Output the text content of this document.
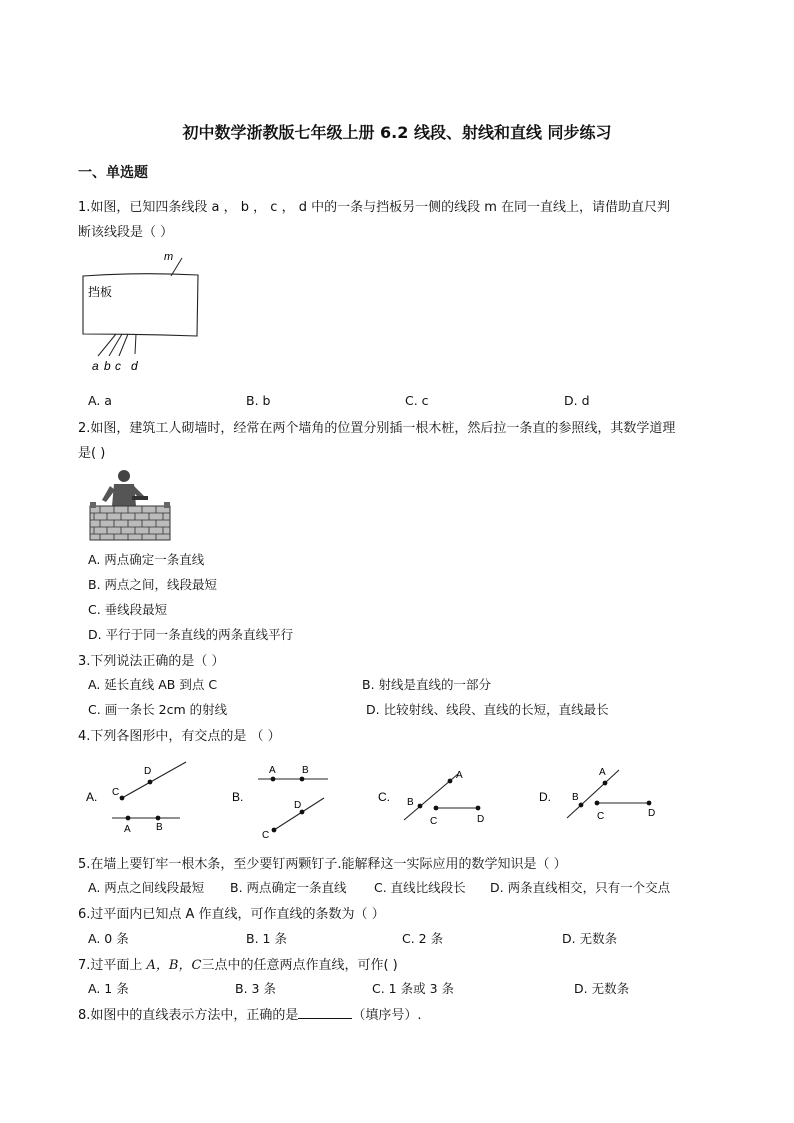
初中数学浙教版七年级上册 6.2 线段、射线和直线 同步练习
一、单选题
1.如图，已知四条线段 a ， b ， c ， d 中的一条与挡板另一侧的线段 m 在同一直线上，请借助直尺判
断该线段是（ ）
挡板
m
a b c d
A. a	B. b	C. c	D. d
2.如图，建筑工人砌墙时，经常在两个墙角的位置分别插一根木桩，然后拉一条直的参照线，其数学道理
是( )
A. 两点确定一条直线
B. 两点之间，线段最短
C. 垂线段最短
D. 平行于同一条直线的两条直线平行
3.下列说法正确的是（ ）
A. 延长直线 AB 到点 C	B. 射线是直线的一部分
C. 画一条长 2cm 的射线	D. 比较射线、线段、直线的长短，直线最长
4.下列各图形中，有交点的是 （ ）
A.
D
C
A	B
B.
A	B
D
C
C.
A
B
C	D
D.
A
B
C	D
5.在墙上要钉牢一根木条，至少要钉两颗钉子.能解释这一实际应用的数学知识是（ ）
A. 两点之间线段最短 B. 两点确定一条直线 C. 直线比线段长 D. 两条直线相交，只有一个交点
6.过平面内已知点 A 作直线，可作直线的条数为（ ）
A. 0 条	B. 1 条	C. 2 条	D. 无数条
7.过平面上 A，B，C三点中的任意两点作直线，可作( )
A. 1 条	B. 3 条	C. 1 条或 3 条	D. 无数条
8.如图中的直线表示方法中，正确的是	（填序号）.
